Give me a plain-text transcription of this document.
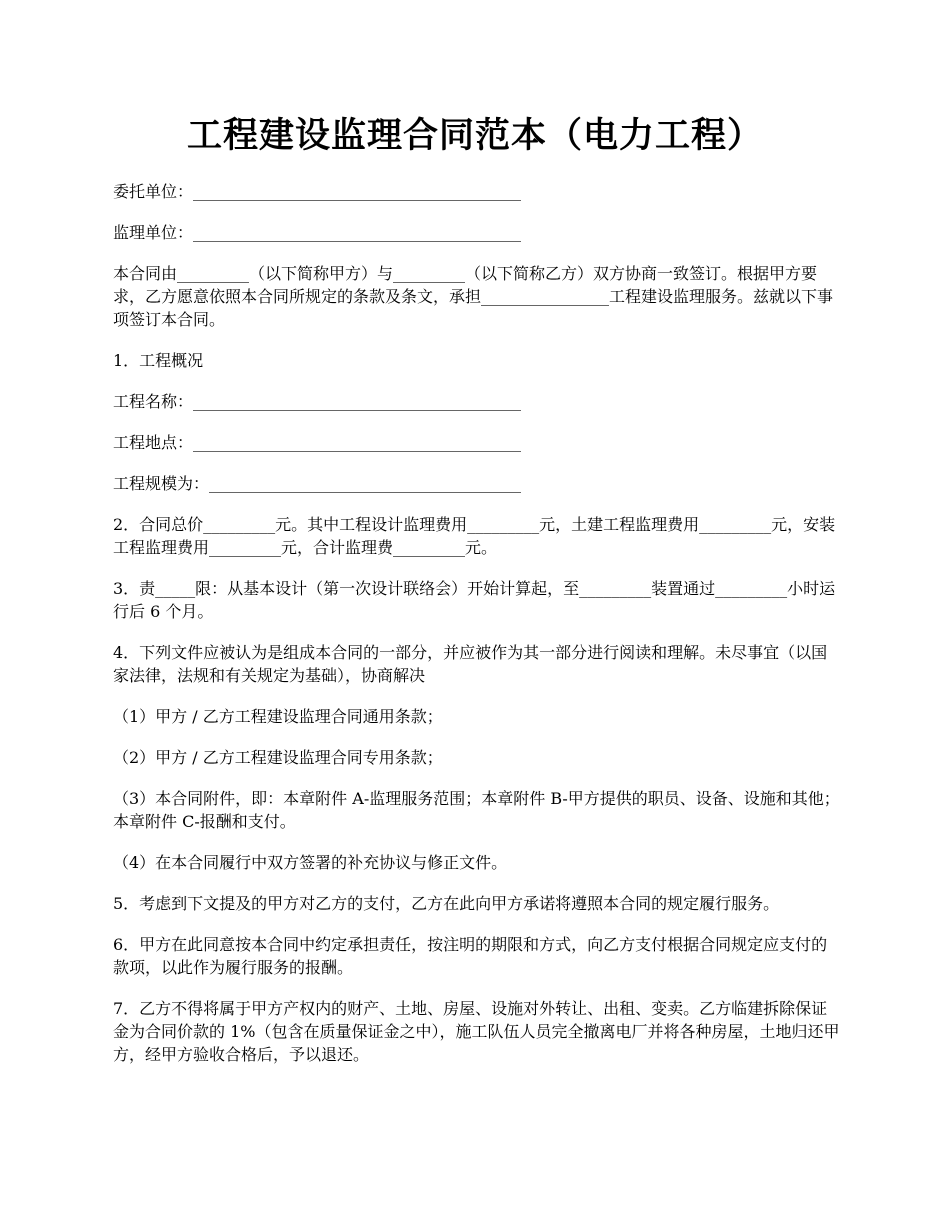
工程建设监理合同范本（电力工程）
委托单位：_________________________________________
监理单位：_________________________________________
本合同由_________（以下简称甲方）与_________（以下简称乙方）双方协商一致签订。根据甲方要求，乙方愿意依照本合同所规定的条款及条文，承担________________工程建设监理服务。兹就以下事项签订本合同。
1．工程概况
工程名称：_________________________________________
工程地点：_________________________________________
工程规模为：_______________________________________
2．合同总价_________元。其中工程设计监理费用_________元，土建工程监理费用_________元，安装工程监理费用_________元，合计监理费_________元。
3．责_____限：从基本设计（第一次设计联络会）开始计算起，至_________装置通过_________小时运行后 6 个月。
4．下列文件应被认为是组成本合同的一部分，并应被作为其一部分进行阅读和理解。未尽事宜（以国家法律，法规和有关规定为基础），协商解决
（1）甲方 / 乙方工程建设监理合同通用条款；
（2）甲方 / 乙方工程建设监理合同专用条款；
（3）本合同附件，即：本章附件 A-监理服务范围；本章附件 B-甲方提供的职员、设备、设施和其他；本章附件 C-报酬和支付。
（4）在本合同履行中双方签署的补充协议与修正文件。
5．考虑到下文提及的甲方对乙方的支付，乙方在此向甲方承诺将遵照本合同的规定履行服务。
6．甲方在此同意按本合同中约定承担责任，按注明的期限和方式，向乙方支付根据合同规定应支付的款项，以此作为履行服务的报酬。
7．乙方不得将属于甲方产权内的财产、土地、房屋、设施对外转让、出租、变卖。乙方临建拆除保证金为合同价款的 1%（包含在质量保证金之中），施工队伍人员完全撤离电厂并将各种房屋，土地归还甲方，经甲方验收合格后，予以退还。
